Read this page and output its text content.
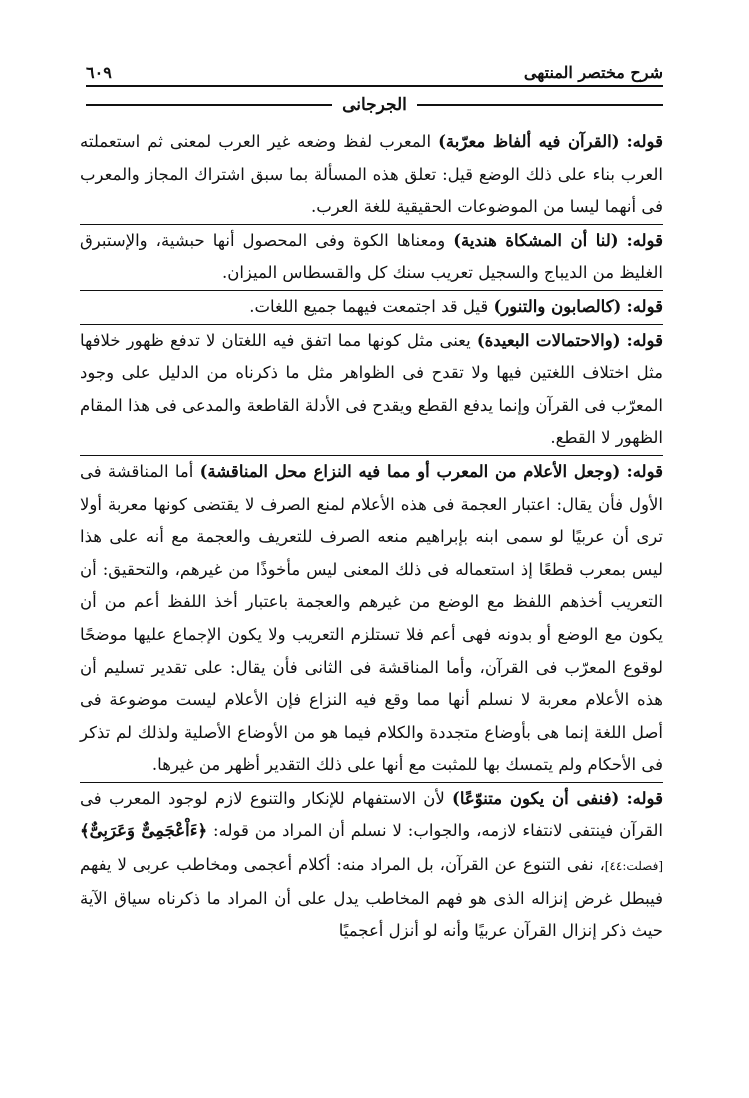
شرح مختصر المنتهى
٦٠٩
الجرجانى

قوله: (القرآن فيه ألفاظ معرّبة) المعرب لفظ وضعه غير العرب لمعنى ثم استعملته العرب بناء على ذلك الوضع قيل: تعلق هذه المسألة بما سبق اشتراك المجاز والمعرب فى أنهما ليسا من الموضوعات الحقيقية للغة العرب.

قوله: (لنا أن المشكاة هندية) ومعناها الكوة وفى المحصول أنها حبشية، والإستبرق الغليظ من الديباج والسجيل تعريب سنك كل والقسطاس الميزان.

قوله: (كالصابون والتنور) قيل قد اجتمعت فيهما جميع اللغات.

قوله: (والاحتمالات البعيدة) يعنى مثل كونها مما اتفق فيه اللغتان لا تدفع ظهور خلافها مثل اختلاف اللغتين فيها ولا تقدح فى الظواهر مثل ما ذكرناه من الدليل على وجود المعرّب فى القرآن وإنما يدفع القطع ويقدح فى الأدلة القاطعة والمدعى فى هذا المقام الظهور لا القطع.

قوله: (وجعل الأعلام من المعرب أو مما فيه النزاع محل المناقشة) أما المناقشة فى الأول فأن يقال: اعتبار العجمة فى هذه الأعلام لمنع الصرف لا يقتضى كونها معربة أولا ترى أن عربيًا لو سمى ابنه بإبراهيم منعه الصرف للتعريف والعجمة مع أنه على هذا ليس بمعرب قطعًا إذ استعماله فى ذلك المعنى ليس مأخوذًا من غيرهم، والتحقيق: أن التعريب أخذهم اللفظ مع الوضع من غيرهم والعجمة باعتبار أخذ اللفظ أعم من أن يكون مع الوضع أو بدونه فهى أعم فلا تستلزم التعريب ولا يكون الإجماع عليها موضحًا لوقوع المعرّب فى القرآن، وأما المناقشة فى الثانى فأن يقال: على تقدير تسليم أن هذه الأعلام معربة لا نسلم أنها مما وقع فيه النزاع فإن الأعلام ليست موضوعة فى أصل اللغة إنما هى بأوضاع متجددة والكلام فيما هو من الأوضاع الأصلية ولذلك لم تذكر فى الأحكام ولم يتمسك بها للمثبت مع أنها على ذلك التقدير أظهر من غيرها.

قوله: (فنفى أن يكون متنوّعًا) لأن الاستفهام للإنكار والتنوع لازم لوجود المعرب فى القرآن فينتفى لانتفاء لازمه، والجواب: لا نسلم أن المراد من قوله: ﴿ءَاْعْجَمِىٌّ وَعَرَبِىٌّ﴾ [فصلت:٤٤]، نفى التنوع عن القرآن، بل المراد منه: أكلام أعجمى ومخاطب عربى لا يفهم فيبطل غرض إنزاله الذى هو فهم المخاطب يدل على أن المراد ما ذكرناه سياق الآية حيث ذكر إنزال القرآن عربيًا وأنه لو أنزل أعجميًا
